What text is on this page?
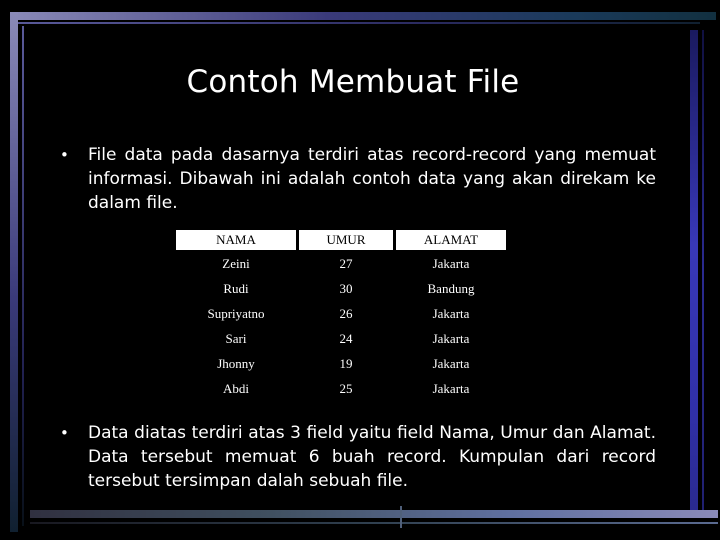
Contoh Membuat File
• File data pada dasarnya terdiri atas record-record yang memuat informasi. Dibawah ini adalah contoh data yang akan direkam ke dalam file.
NAMA	UMUR	ALAMAT
Zeini	27	Jakarta
Rudi	30	Bandung
Supriyatno	26	Jakarta
Sari	24	Jakarta
Jhonny	19	Jakarta
Abdi	25	Jakarta
• Data diatas terdiri atas 3 field yaitu field Nama, Umur dan Alamat. Data tersebut memuat 6 buah record. Kumpulan dari record tersebut tersimpan dalah sebuah file.
